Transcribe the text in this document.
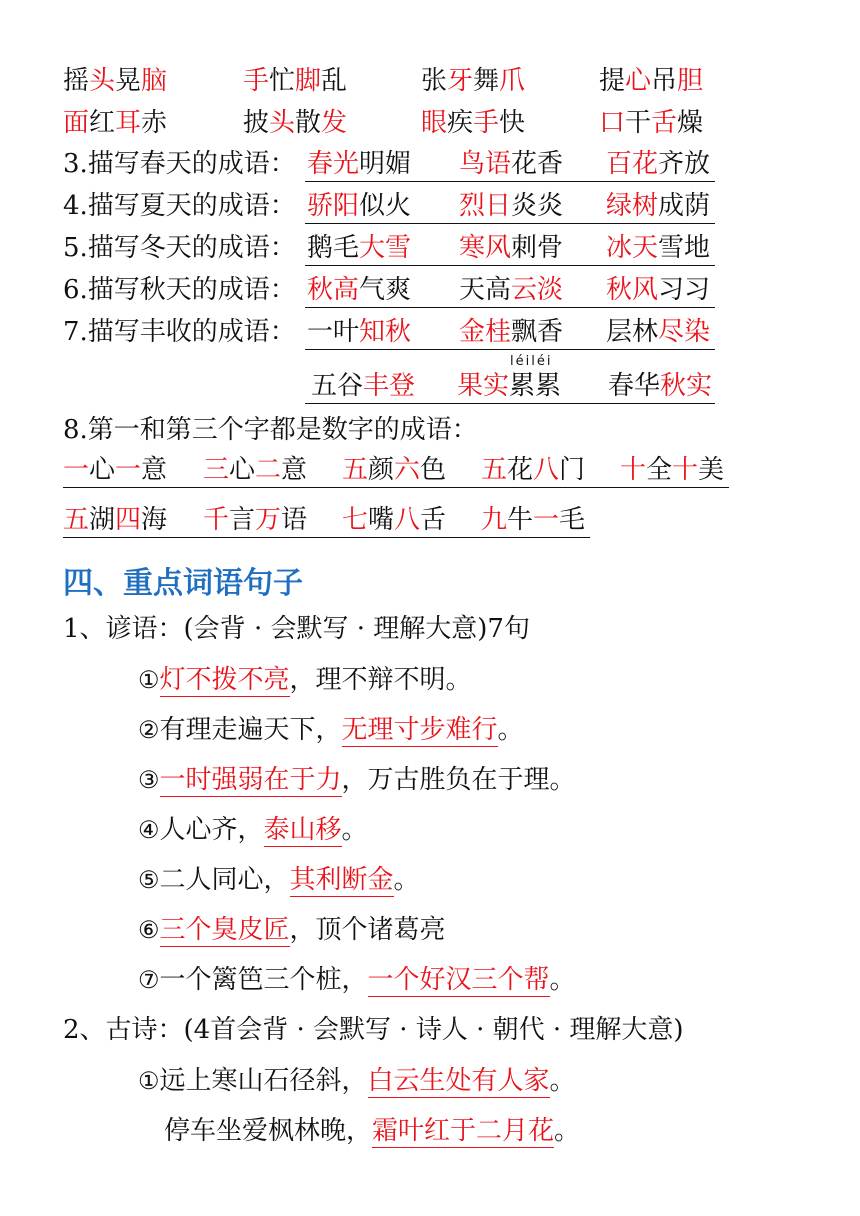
摇头晃脑	手忙脚乱	张牙舞爪	提心吊胆
面红耳赤	披头散发	眼疾手快	口干舌燥
3.描写春天的成语： 春光明媚 鸟语花香 百花齐放
4.描写夏天的成语： 骄阳似火 烈日炎炎 绿树成荫
5.描写冬天的成语： 鹅毛大雪 寒风刺骨 冰天雪地
6.描写秋天的成语： 秋高气爽 天高云淡 秋风习习
7.描写丰收的成语： 一叶知秋 金桂飘香 层林尽染
léiléi
五谷丰登 果实累累 春华秋实
8.第一和第三个字都是数字的成语：
一心一意 三心二意 五颜六色 五花八门 十全十美
五湖四海 千言万语 七嘴八舌 九牛一毛
四、重点词语句子
1、谚语：(会背 · 会默写 · 理解大意)7句
①灯不拨不亮，理不辩不明。
②有理走遍天下，无理寸步难行。
③一时强弱在于力，万古胜负在于理。
④人心齐，泰山移。
⑤二人同心，其利断金。
⑥三个臭皮匠，顶个诸葛亮
⑦一个篱笆三个桩，一个好汉三个帮。
2、古诗：(4首会背 · 会默写 · 诗人 · 朝代 · 理解大意)
①远上寒山石径斜，白云生处有人家。
停车坐爱枫林晚，霜叶红于二月花。
